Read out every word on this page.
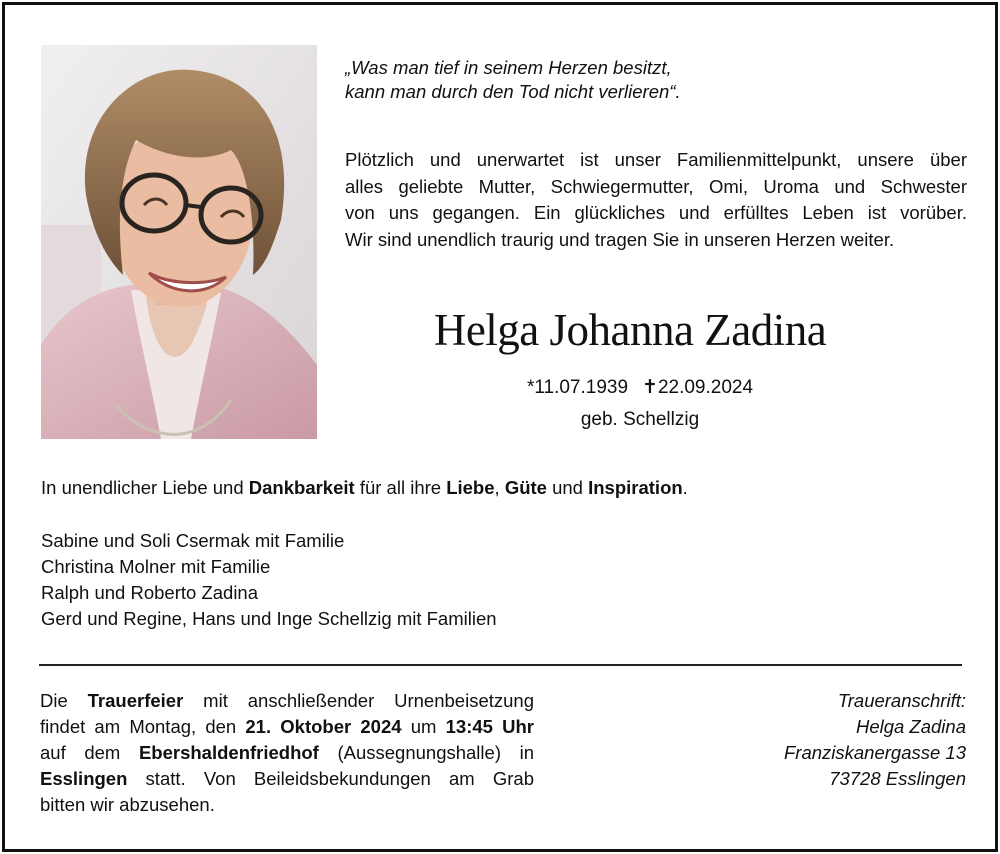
„Was man tief in seinem Herzen besitzt,
kann man durch den Tod nicht verlieren“.
Plötzlich und unerwartet ist unser Familienmittelpunkt, unsere über
alles geliebte Mutter, Schwiegermutter, Omi, Uroma und Schwester
von uns gegangen. Ein glückliches und erfülltes Leben ist vorüber.
Wir sind unendlich traurig und tragen Sie in unseren Herzen weiter.
Helga Johanna Zadina
*11.07.1939 ✝22.09.2024
geb. Schellzig
In unendlicher Liebe und Dankbarkeit für all ihre Liebe, Güte und Inspiration.
Sabine und Soli Csermak mit Familie
Christina Molner mit Familie
Ralph und Roberto Zadina
Gerd und Regine, Hans und Inge Schellzig mit Familien
Die Trauerfeier mit anschließender Urnenbeisetzung
findet am Montag, den 21. Oktober 2024 um 13:45 Uhr
auf dem Ebershaldenfriedhof (Aussegnungshalle) in
Esslingen statt. Von Beileidsbekundungen am Grab
bitten wir abzusehen.
Traueranschrift:
Helga Zadina
Franziskanergasse 13
73728 Esslingen
